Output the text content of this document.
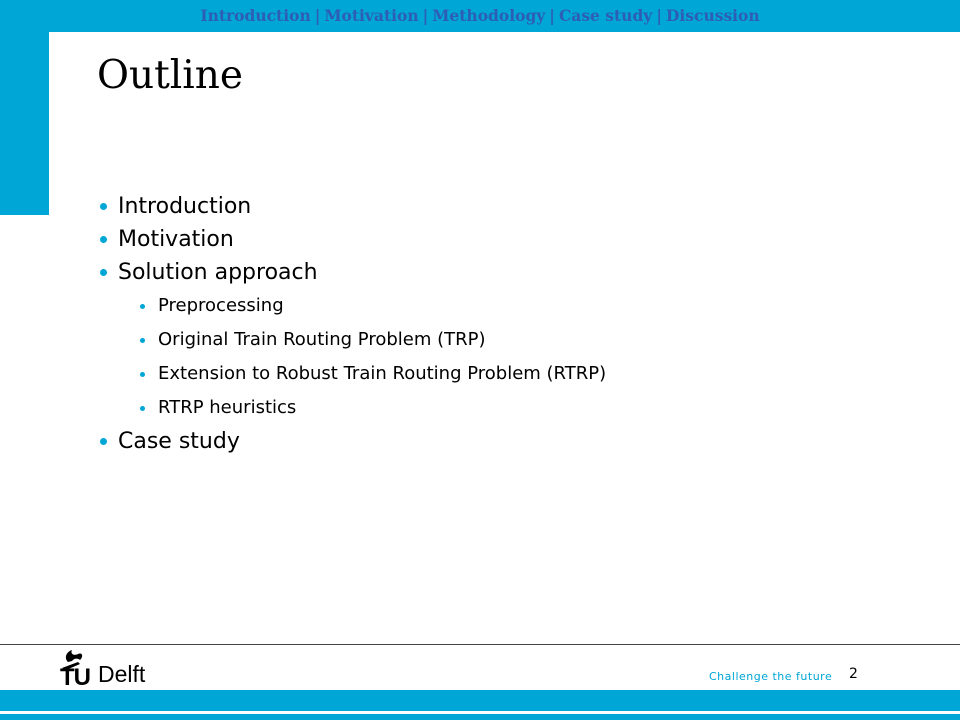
Introduction | Motivation | Methodology | Case study | Discussion
Outline
Introduction
Motivation
Solution approach
Preprocessing
Original Train Routing Problem (TRP)
Extension to Robust Train Routing Problem (RTRP)
RTRP heuristics
Case study
TU Delft	Challenge the future 2
